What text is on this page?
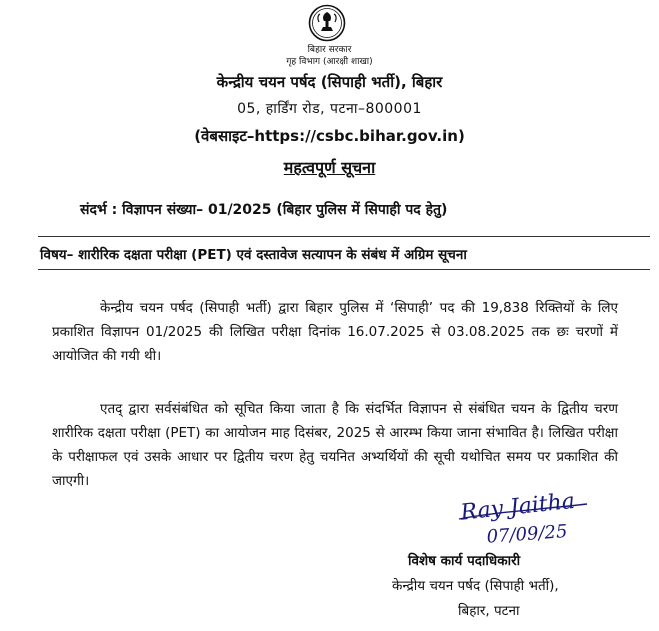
बिहार सरकार
गृह विभाग (आरक्षी शाखा)
केन्द्रीय चयन पर्षद (सिपाही भर्ती), बिहार
05, हार्डिंग रोड, पटना–800001
(वेबसाइट–https://csbc.bihar.gov.in)
महत्वपूर्ण सूचना
संदर्भ : विज्ञापन संख्या– 01/2025 (बिहार पुलिस में सिपाही पद हेतु)
विषय– शारीरिक दक्षता परीक्षा (PET) एवं दस्तावेज सत्यापन के संबंध में अग्रिम सूचना
केन्द्रीय चयन पर्षद (सिपाही भर्ती) द्वारा बिहार पुलिस में ‘सिपाही’ पद की 19,838 रिक्तियों के लिए प्रकाशित विज्ञापन 01/2025 की लिखित परीक्षा दिनांक 16.07.2025 से 03.08.2025 तक छः चरणों में आयोजित की गयी थी।
एतद् द्वारा सर्वसंबंधित को सूचित किया जाता है कि संदर्भित विज्ञापन से संबंधित चयन के द्वितीय चरण शारीरिक दक्षता परीक्षा (PET) का आयोजन माह दिसंबर, 2025 से आरम्भ किया जाना संभावित है। लिखित परीक्षा के परीक्षाफल एवं उसके आधार पर द्वितीय चरण हेतु चयनित अभ्यर्थियों की सूची यथोचित समय पर प्रकाशित की जाएगी।
Ray Jaitha
07/09/25
विशेष कार्य पदाधिकारी
केन्द्रीय चयन पर्षद (सिपाही भर्ती),
बिहार, पटना
